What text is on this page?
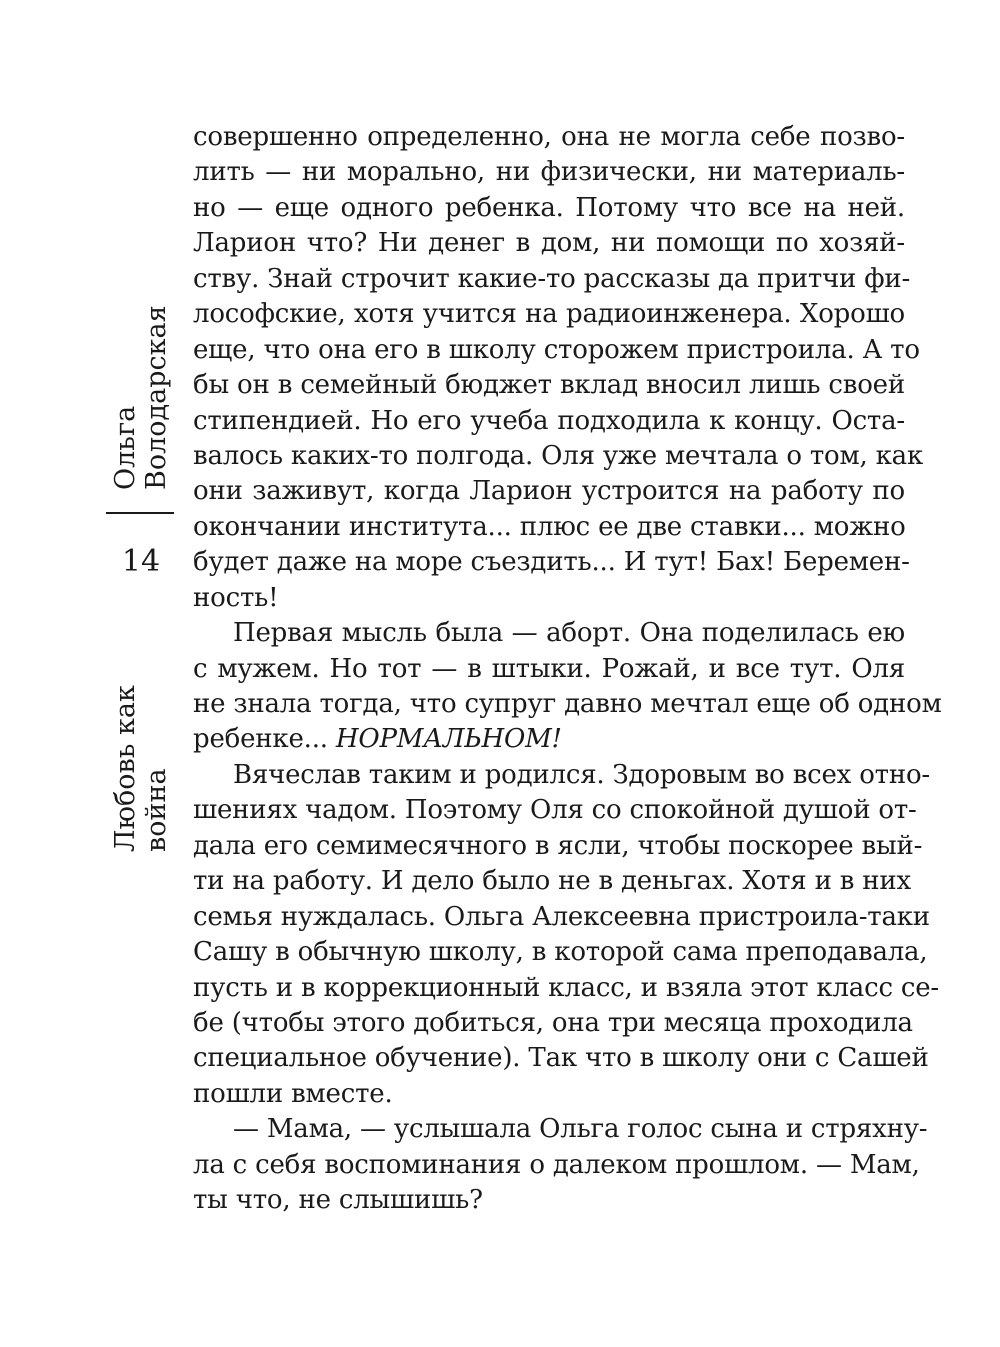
Ольга Володарская
14
Любовь как война
совершенно определенно, она не могла себе позво-
лить — ни морально, ни физически, ни материаль-
но — еще одного ребенка. Потому что все на ней.
Ларион что? Ни денег в дом, ни помощи по хозяй-
ству. Знай строчит какие-то рассказы да притчи фи-
лософские, хотя учится на радиоинженера. Хорошо
еще, что она его в школу сторожем пристроила. А то
бы он в семейный бюджет вклад вносил лишь своей
стипендией. Но его учеба подходила к концу. Оста-
валось каких-то полгода. Оля уже мечтала о том, как
они заживут, когда Ларион устроится на работу по
окончании института... плюс ее две ставки... можно
будет даже на море съездить... И тут! Бах! Беремен-
ность!
Первая мысль была — аборт. Она поделилась ею
с мужем. Но тот — в штыки. Рожай, и все тут. Оля
не знала тогда, что супруг давно мечтал еще об одном
ребенке... НОРМАЛЬНОМ!
Вячеслав таким и родился. Здоровым во всех отно-
шениях чадом. Поэтому Оля со спокойной душой от-
дала его семимесячного в ясли, чтобы поскорее вый-
ти на работу. И дело было не в деньгах. Хотя и в них
семья нуждалась. Ольга Алексеевна пристроила-таки
Сашу в обычную школу, в которой сама преподавала,
пусть и в коррекционный класс, и взяла этот класс се-
бе (чтобы этого добиться, она три месяца проходила
специальное обучение). Так что в школу они с Сашей
пошли вместе.
— Мама, — услышала Ольга голос сына и стряхну-
ла с себя воспоминания о далеком прошлом. — Мам,
ты что, не слышишь?
